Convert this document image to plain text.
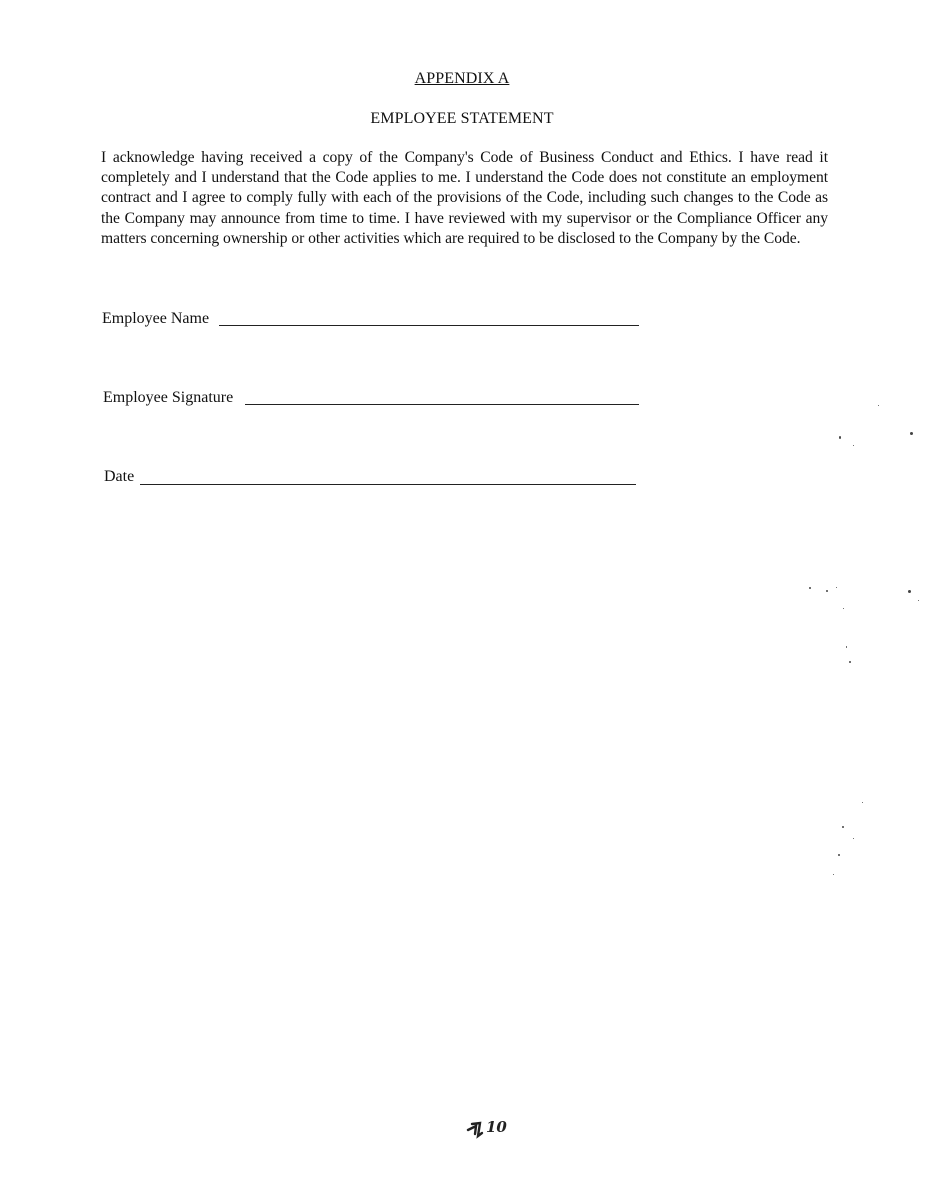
APPENDIX A
EMPLOYEE STATEMENT

I acknowledge having received a copy of the Company's Code of Business Conduct and Ethics. I have read it completely and I understand that the Code applies to me. I understand the Code does not constitute an employment contract and I agree to comply fully with each of the provisions of the Code, including such changes to the Code as the Company may announce from time to time. I have reviewed with my supervisor or the Compliance Officer any matters concerning ownership or other activities which are required to be disclosed to the Company by the Code.

Employee Name
Employee Signature
Date
10
